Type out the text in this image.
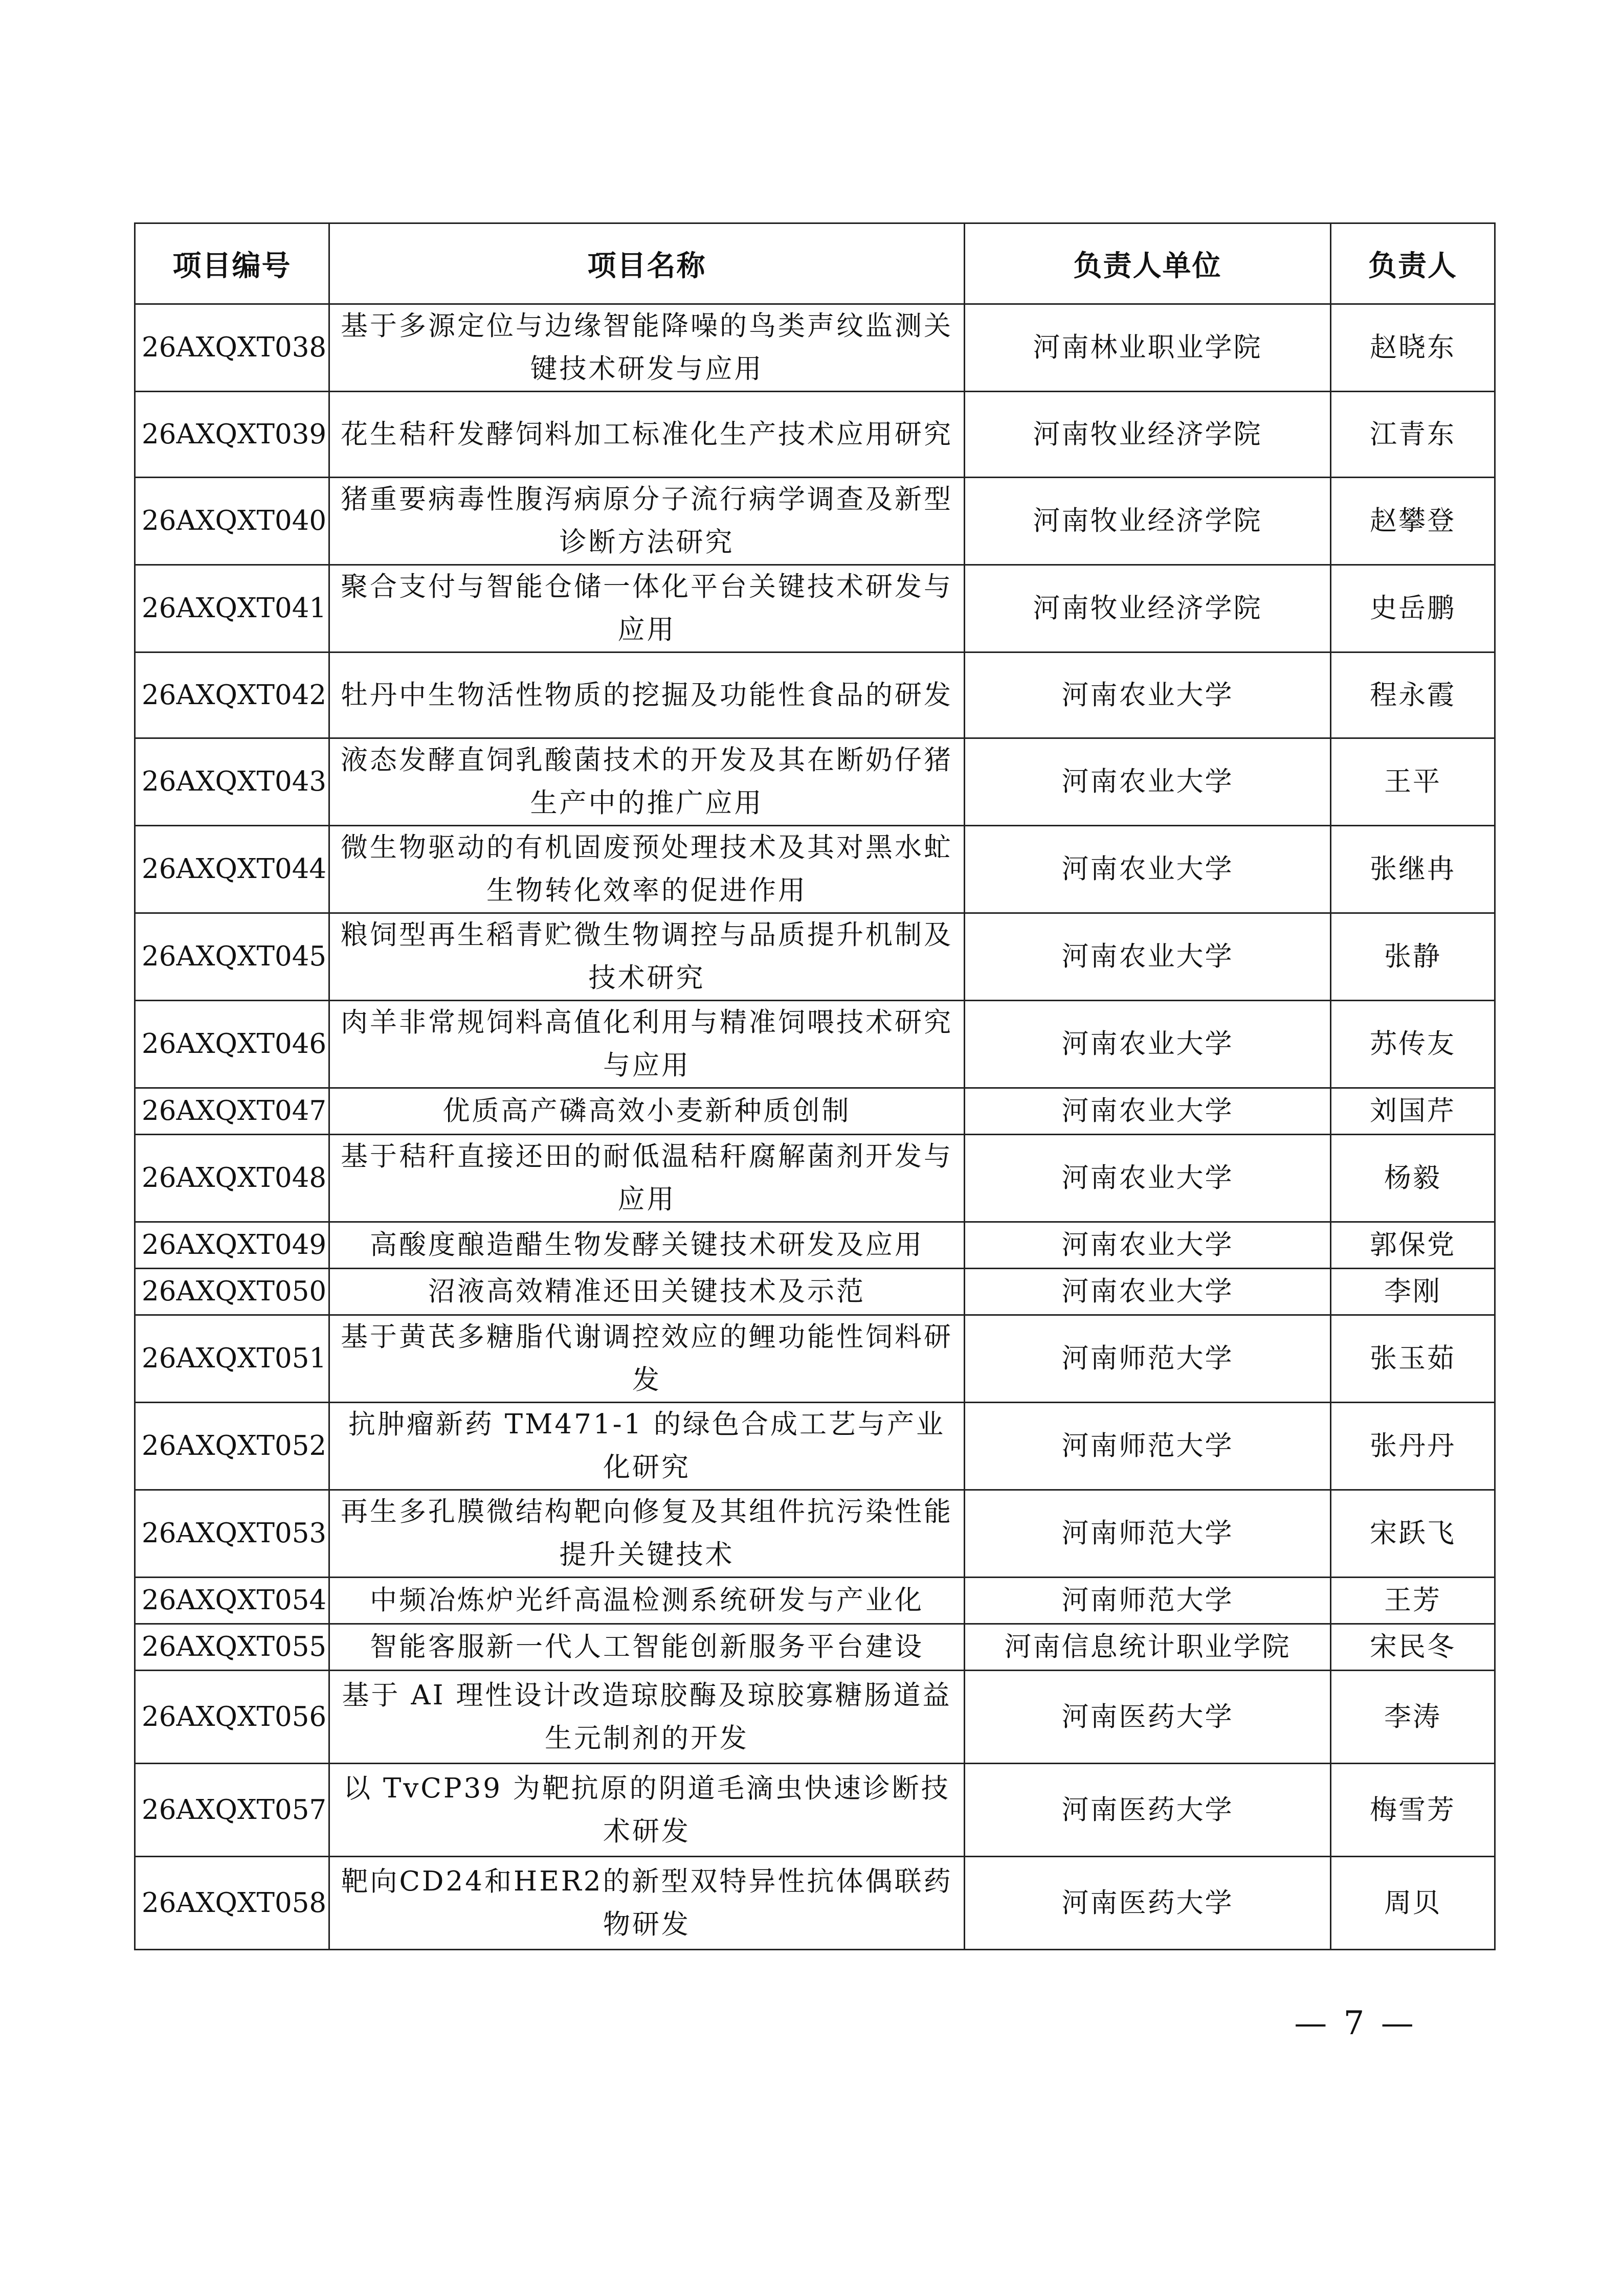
项目编号	项目名称	负责人单位	负责人
26AXQXT038	基于多源定位与边缘智能降噪的鸟类声纹监测关键技术研发与应用	河南林业职业学院	赵晓东
26AXQXT039	花生秸秆发酵饲料加工标准化生产技术应用研究	河南牧业经济学院	江青东
26AXQXT040	猪重要病毒性腹泻病原分子流行病学调查及新型诊断方法研究	河南牧业经济学院	赵攀登
26AXQXT041	聚合支付与智能仓储一体化平台关键技术研发与应用	河南牧业经济学院	史岳鹏
26AXQXT042	牡丹中生物活性物质的挖掘及功能性食品的研发	河南农业大学	程永霞
26AXQXT043	液态发酵直饲乳酸菌技术的开发及其在断奶仔猪生产中的推广应用	河南农业大学	王平
26AXQXT044	微生物驱动的有机固废预处理技术及其对黑水虻生物转化效率的促进作用	河南农业大学	张继冉
26AXQXT045	粮饲型再生稻青贮微生物调控与品质提升机制及技术研究	河南农业大学	张静
26AXQXT046	肉羊非常规饲料高值化利用与精准饲喂技术研究与应用	河南农业大学	苏传友
26AXQXT047	优质高产磷高效小麦新种质创制	河南农业大学	刘国芹
26AXQXT048	基于秸秆直接还田的耐低温秸秆腐解菌剂开发与应用	河南农业大学	杨毅
26AXQXT049	高酸度酿造醋生物发酵关键技术研发及应用	河南农业大学	郭保党
26AXQXT050	沼液高效精准还田关键技术及示范	河南农业大学	李刚
26AXQXT051	基于黄芪多糖脂代谢调控效应的鲤功能性饲料研发	河南师范大学	张玉茹
26AXQXT052	抗肿瘤新药 TM471-1 的绿色合成工艺与产业化研究	河南师范大学	张丹丹
26AXQXT053	再生多孔膜微结构靶向修复及其组件抗污染性能提升关键技术	河南师范大学	宋跃飞
26AXQXT054	中频冶炼炉光纤高温检测系统研发与产业化	河南师范大学	王芳
26AXQXT055	智能客服新一代人工智能创新服务平台建设	河南信息统计职业学院	宋民冬
26AXQXT056	基于 AI 理性设计改造琼胶酶及琼胶寡糖肠道益生元制剂的开发	河南医药大学	李涛
26AXQXT057	以 TvCP39 为靶抗原的阴道毛滴虫快速诊断技术研发	河南医药大学	梅雪芳
26AXQXT058	靶向CD24和HER2的新型双特异性抗体偶联药物研发	河南医药大学	周贝
— 7 —
